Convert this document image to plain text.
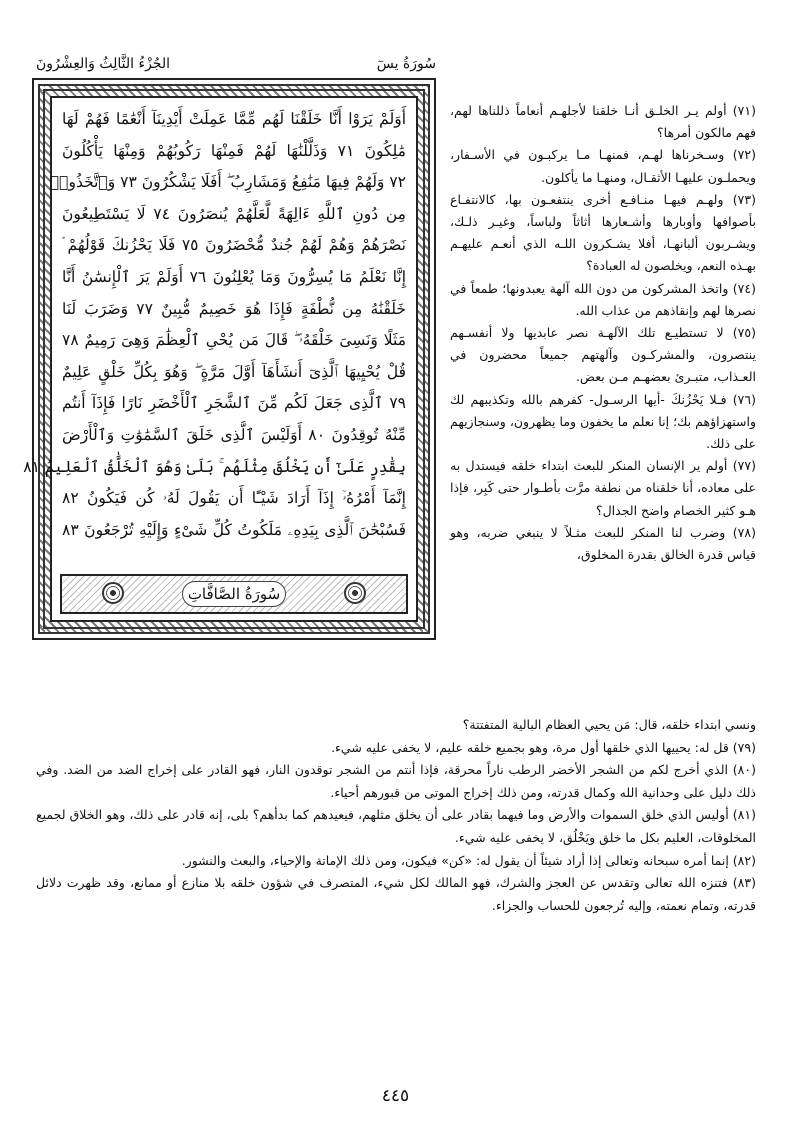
الجُزْءُ الثَّالِثُ وَالعِشْرُونَ	سُورَةُ يسٓ
أَوَلَمْ يَرَوْا أَنَّا خَلَقْنَا لَهُم مِّمَّا عَمِلَتْ أَيْدِينَآ أَنْعَٰمًا فَهُمْ لَهَا
مَٰلِكُونَ ٧١ وَذَلَّلْنَٰهَا لَهُمْ فَمِنْهَا رَكُوبُهُمْ وَمِنْهَا يَأْكُلُونَ
٧٢ وَلَهُمْ فِيهَا مَنَٰفِعُ وَمَشَارِبُ ۖ أَفَلَا يَشْكُرُونَ ٧٣ وَٱتَّخَذُوا۟
مِن دُونِ ٱللَّهِ ءَالِهَةً لَّعَلَّهُمْ يُنصَرُونَ ٧٤ لَا يَسْتَطِيعُونَ
نَصْرَهُمْ وَهُمْ لَهُمْ جُندٌ مُّحْضَرُونَ ٧٥ فَلَا يَحْزُنكَ قَوْلُهُمْ ۘ
إِنَّا نَعْلَمُ مَا يُسِرُّونَ وَمَا يُعْلِنُونَ ٧٦ أَوَلَمْ يَرَ ٱلْإِنسَٰنُ أَنَّا
خَلَقْنَٰهُ مِن نُّطْفَةٍ فَإِذَا هُوَ خَصِيمٌ مُّبِينٌ ٧٧ وَضَرَبَ لَنَا
مَثَلًا وَنَسِىَ خَلْقَهُۥ ۖ قَالَ مَن يُحْىِ ٱلْعِظَٰمَ وَهِىَ رَمِيمٌ ٧٨
قُلْ يُحْيِيهَا ٱلَّذِىٓ أَنشَأَهَآ أَوَّلَ مَرَّةٍ ۖ وَهُوَ بِكُلِّ خَلْقٍ عَلِيمٌ
٧٩ ٱلَّذِى جَعَلَ لَكُم مِّنَ ٱلشَّجَرِ ٱلْأَخْضَرِ نَارًا فَإِذَآ أَنتُم
مِّنْهُ تُوقِدُونَ ٨٠ أَوَلَيْسَ ٱلَّذِى خَلَقَ ٱلسَّمَٰوَٰتِ وَٱلْأَرْضَ
بِقَٰدِرٍ عَلَىٰٓ أَن يَخْلُقَ مِثْلَهُم ۚ بَلَىٰ وَهُوَ ٱلْخَلَّٰقُ ٱلْعَلِيمُ ٨١
إِنَّمَآ أَمْرُهُۥٓ إِذَآ أَرَادَ شَيْـًٔا أَن يَقُولَ لَهُۥ كُن فَيَكُونُ ٨٢
فَسُبْحَٰنَ ٱلَّذِى بِيَدِهِۦ مَلَكُوتُ كُلِّ شَىْءٍ وَإِلَيْهِ تُرْجَعُونَ ٨٣
سُورَةُ الصَّافَّاتِ

(٧١) أولم يـر الخلـق أنـا خلقنا لأجلهـم أنعاماً ذللناها لهم، فهم مالكون أمرها؟

(٧٢) وسـخرناها لهـم، فمنهـا مـا يركبـون في الأسـفار، ويحملـون عليهـا الأثقـال، ومنهـا ما يأكلون.

(٧٣) ولهـم فيهـا منـافـع أخرى ينتفعـون بها، كالانتفـاع بأصوافها وأوبارها وأشـعارها أثاثاً ولباساً، وغيـر ذلـك، ويشـربون ألبانهـا، أفلا يشـكرون اللـه الذي أنعـم عليهـم بهـذه النعم، ويخلصون له العبادة؟

(٧٤) واتخذ المشركون من دون الله آلهة يعبدونها؛ طمعاً في نصرها لهم وإنقاذهم من عذاب الله.

(٧٥) لا تستطيـع تلك الآلهـة نصر عابديها ولا أنفسـهم ينتصرون، والمشركـون وآلهتهم جميعاً محضرون في العـذاب، متبـرئ بعضهـم مـن بعض.

(٧٦) فـلا يَحْزُنكَ -أيها الرسـول- كفرهم بالله وتكذيبهم لك واستهزاؤهم بك؛ إنا نعلم ما يخفون وما يظهرون، وسنجازيهم على ذلك.

(٧٧) أولم ير الإنسان المنكر للبعث ابتداء خلقه فيستدل به على معاده، أنا خلقناه من نطفة مرَّت بأطـوار حتى كَبِر، فإذا هـو كثير الخصام واضح الجدال؟

(٧٨) وضرب لنا المنكر للبعث مثـلاً لا ينبغي ضربه، وهو قياس قدرة الخالق بقدرة المخلوق،

ونسي ابتداء خلقه، قال: مَن يحيي العظام البالية المتفتتة؟

(٧٩) قل له: يحييها الذي خلقها أول مرة، وهو بجميع خلقه عليم، لا يخفى عليه شيء.

(٨٠) الذي أخرج لكم من الشجر الأخضر الرطب ناراً محرقة، فإذا أنتم من الشجر توقدون النار، فهو القادر على إخراج الضد من الضد. وفي ذلك دليل على وحدانية الله وكمال قدرته، ومن ذلك إخراج الموتى من قبورهم أحياء.

(٨١) أوليس الذي خلق السموات والأرض وما فيهما بقادر على أن يخلق مثلهم، فيعيدهم كما بدأهم؟ بلى، إنه قادر على ذلك، وهو الخلاق لجميع المخلوقات، العليم بكل ما خلق ويَخْلُق، لا يخفى عليه شيء.

(٨٢) إنما أمره سبحانه وتعالى إذا أراد شيئاً أن يقول له: «كن» فيكون، ومن ذلك الإماتة والإحياء، والبعث والنشور.

(٨٣) فتنزه الله تعالى وتقدس عن العجز والشرك، فهو المالك لكل شيء، المتصرف في شؤون خلقه بلا منازع أو ممانع، وقد ظهرت دلائل قدرته، وتمام نعمته، وإليه تُرجعون للحساب والجزاء.

٤٤٥
